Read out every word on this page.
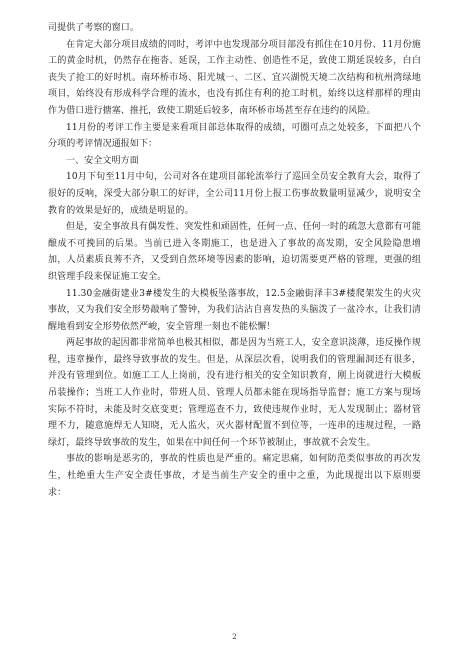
司提供了考察的窗口。

在肯定大部分项目成绩的同时，考评中也发现部分项目部没有抓住在10月份、11月份施工的黄金时机，仍然存在拖沓、延误，工作主动性、创造性不足，致使工期延误较多，白白丧失了抢工的好时机。南环桥市场、阳光城一、二区、宜兴湖悦天境二次结构和杭州湾绿地项目，始终没有形成科学合理的流水，也没有抓住有利的抢工时机，始终以这样那样的理由作为借口进行搪塞、推托，致使工期延后较多，南环桥市场甚至存在违约的风险。

11月份的考评工作主要是来看项目部总体取得的成绩，可圈可点之处较多，下面把八个分项的考评情况通报如下：

一、安全文明方面

10月下旬至11月中旬，公司对各在建项目部轮流举行了巡回全员安全教育大会，取得了很好的反响，深受大部分职工的好评，全公司11月份上报工伤事故数量明显减少，说明安全教育的效果是好的，成绩是明显的。

但是，安全事故具有偶发性、突发性和顽固性，任何一点、任何一时的疏忽大意都有可能酿成不可挽回的后果。当前已进入冬期施工，也是进入了事故的高发期，安全风险隐患增加，人员素质良莠不齐，又受到自然环境等因素的影响，迫切需要更严格的管理，更强的组织管理手段来保证施工安全。

11.30金融街建业3#楼发生的大模板坠落事故，12.5金融街泽丰3#楼爬架发生的火灾事故，又为我们安全形势敲响了警钟，为我们沾沾自喜发热的头脑泼了一盆冷水，让我们清醒地看到安全形势依然严峻，安全管理一刻也不能松懈！

两起事故的起因都非常简单也极其相似，都是因为当班工人，安全意识淡薄，违反操作规程，违章操作，最终导致事故的发生。但是，从深层次看，说明我们的管理漏洞还有很多，并没有管理到位。如施工工人上岗前，没有进行相关的安全知识教育，刚上岗就进行大模板吊装操作；当班工人作业时，带班人员、管理人员都未能在现场指导监督；施工方案与现场实际不符时，未能及时交底变更；管理巡查不力，致使违规作业时，无人发现制止；器材管理不力，随意施焊无人知晓，无人监火，灭火器材配置不到位等，一连串的违规过程，一路绿灯，最终导致事故的发生，如果在中间任何一个环节被制止，事故就不会发生。

事故的影响是恶劣的，事故的性质也是严重的。痛定思痛，如何防范类似事故的再次发生，杜绝重大生产安全责任事故，才是当前生产安全的重中之重，为此现提出以下原则要求：

2
